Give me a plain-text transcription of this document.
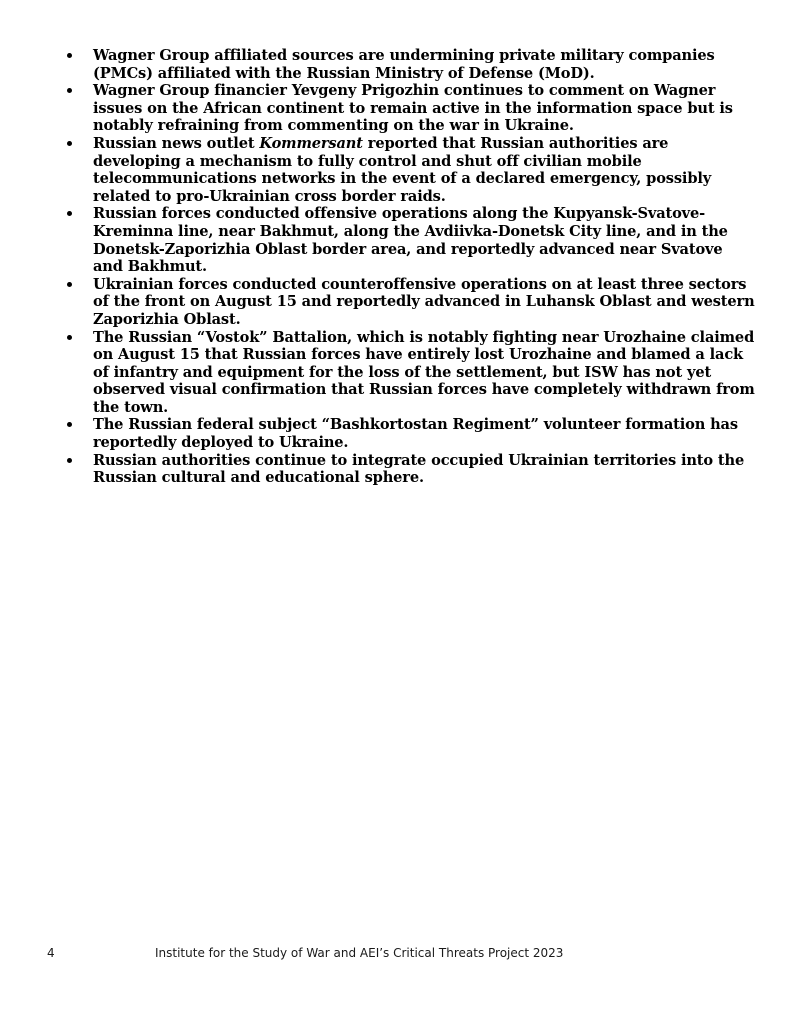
Wagner Group affiliated sources are undermining private military companies (PMCs) affiliated with the Russian Ministry of Defense (MoD).
Wagner Group financier Yevgeny Prigozhin continues to comment on Wagner issues on the African continent to remain active in the information space but is notably refraining from commenting on the war in Ukraine.
Russian news outlet Kommersant reported that Russian authorities are developing a mechanism to fully control and shut off civilian mobile telecommunications networks in the event of a declared emergency, possibly related to pro-Ukrainian cross border raids.
Russian forces conducted offensive operations along the Kupyansk-Svatove-Kreminna line, near Bakhmut, along the Avdiivka-Donetsk City line, and in the Donetsk-Zaporizhia Oblast border area, and reportedly advanced near Svatove and Bakhmut.
Ukrainian forces conducted counteroffensive operations on at least three sectors of the front on August 15 and reportedly advanced in Luhansk Oblast and western Zaporizhia Oblast.
The Russian “Vostok” Battalion, which is notably fighting near Urozhaine claimed on August 15 that Russian forces have entirely lost Urozhaine and blamed a lack of infantry and equipment for the loss of the settlement, but ISW has not yet observed visual confirmation that Russian forces have completely withdrawn from the town.
The Russian federal subject “Bashkortostan Regiment” volunteer formation has reportedly deployed to Ukraine.
Russian authorities continue to integrate occupied Ukrainian territories into the Russian cultural and educational sphere.
4	Institute for the Study of War and AEI’s Critical Threats Project 2023
